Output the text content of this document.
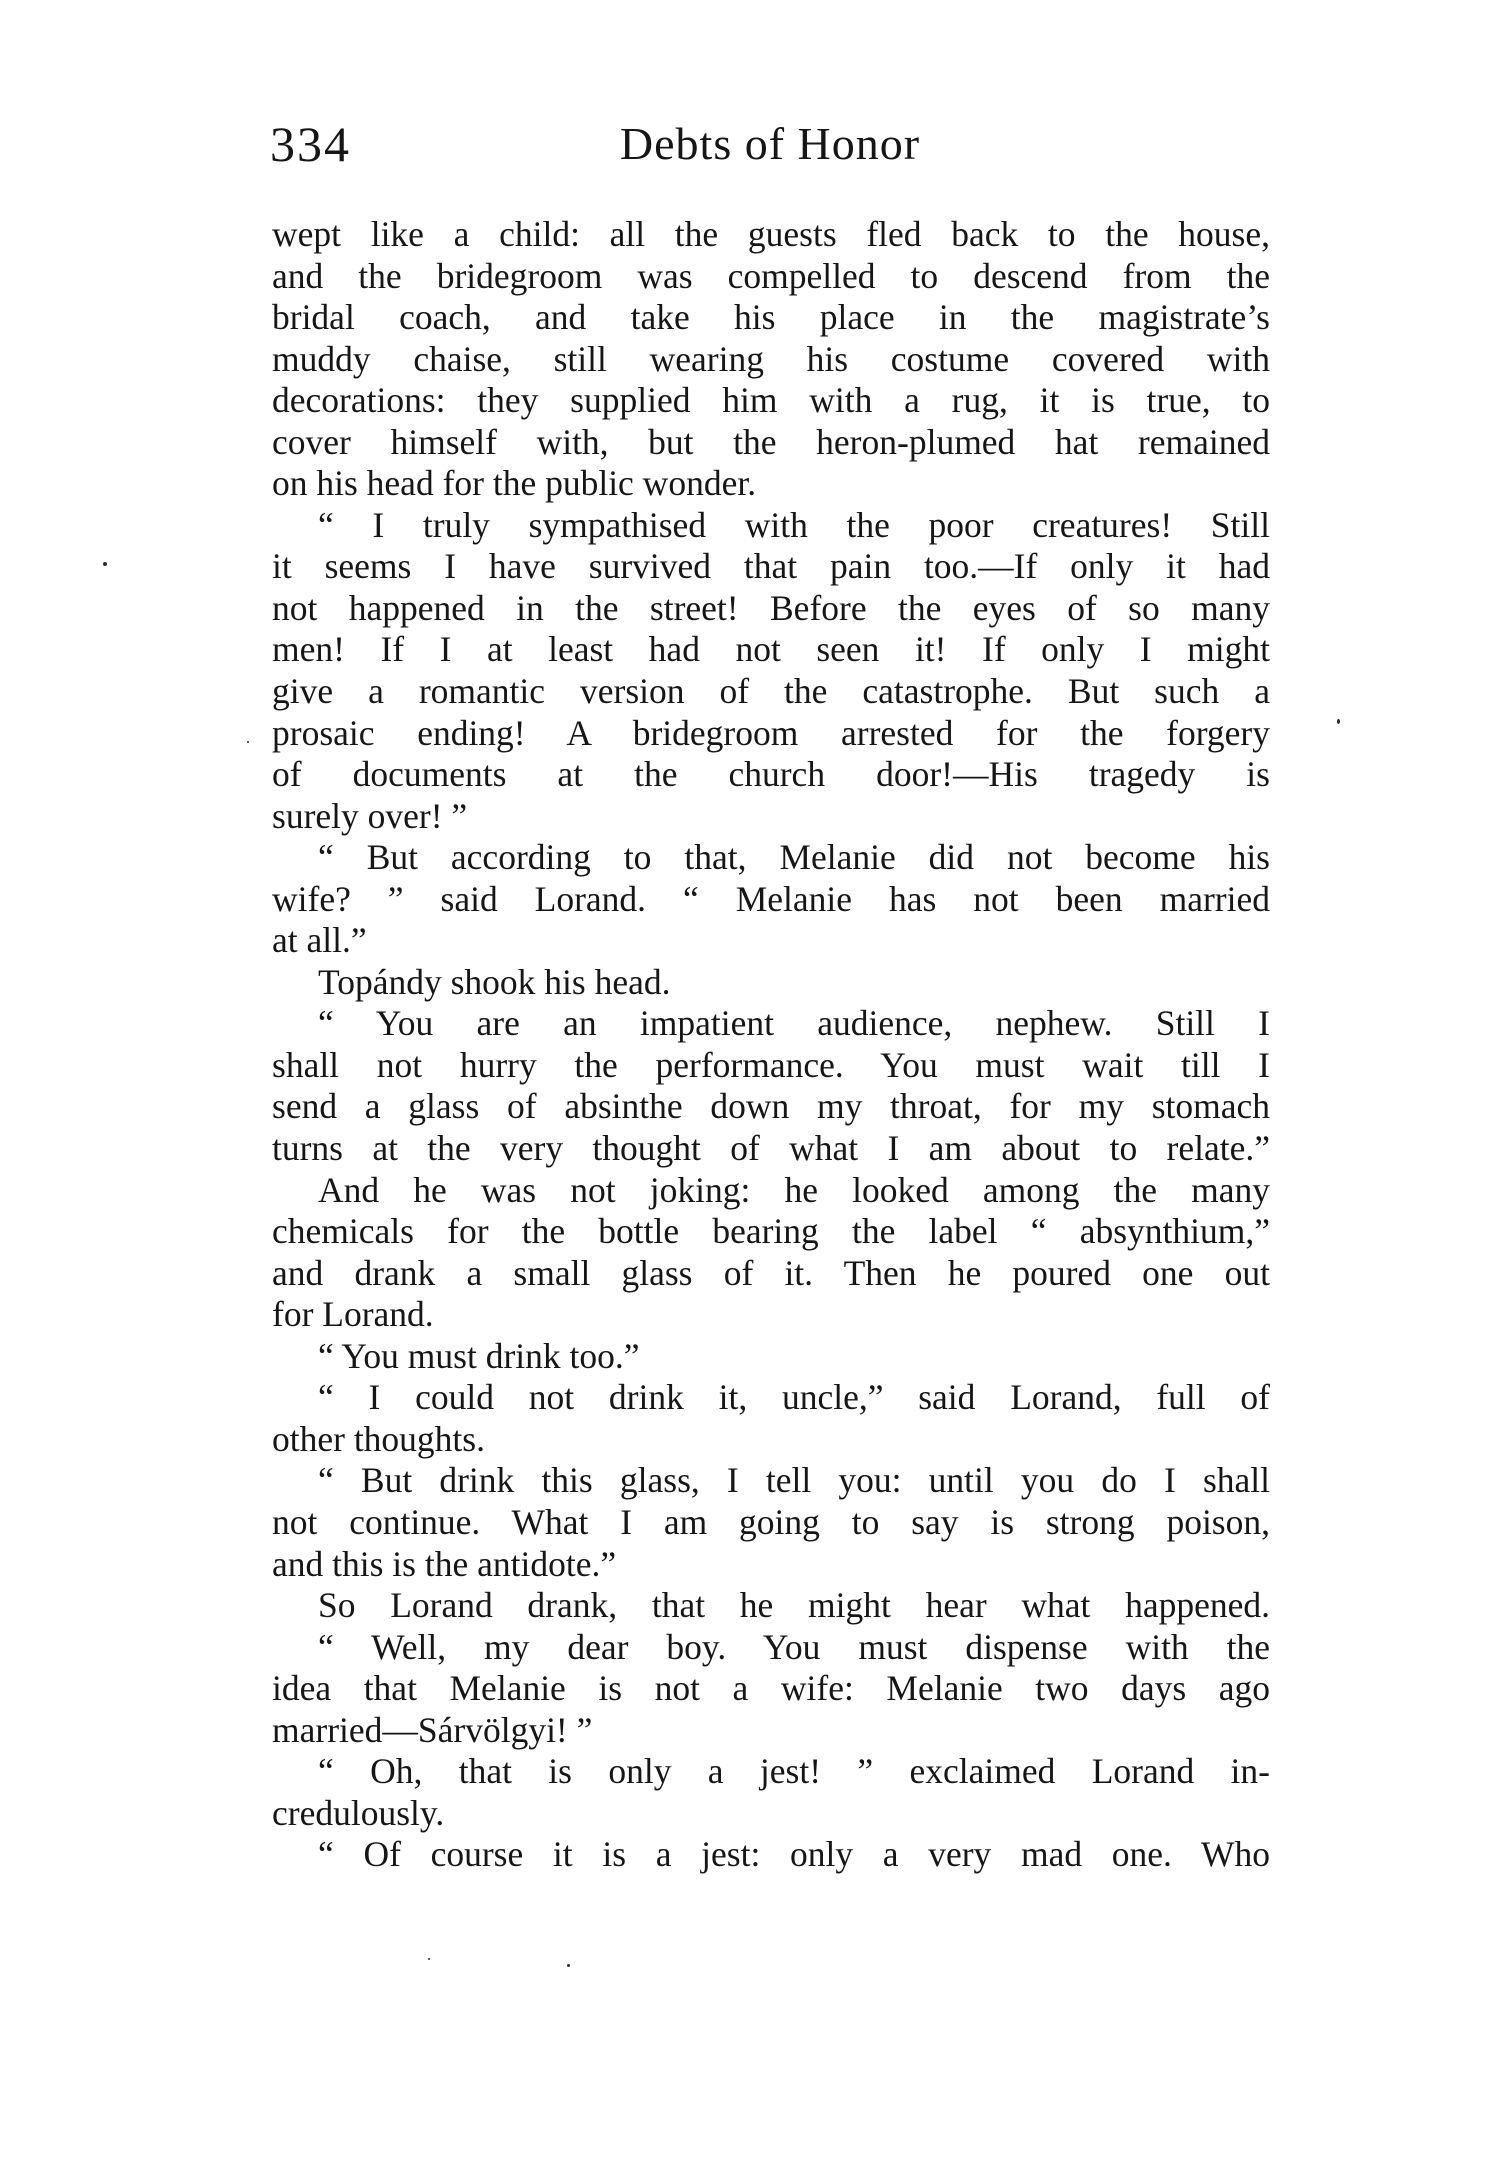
334	Debts of Honor
wept like a child: all the guests fled back to the house,
and the bridegroom was compelled to descend from the
bridal coach, and take his place in the magistrate’s
muddy chaise, still wearing his costume covered with
decorations: they supplied him with a rug, it is true, to
cover himself with, but the heron-plumed hat remained
on his head for the public wonder.
“ I truly sympathised with the poor creatures! Still
it seems I have survived that pain too.—If only it had
not happened in the street! Before the eyes of so many
men! If I at least had not seen it! If only I might
give a romantic version of the catastrophe. But such a
prosaic ending! A bridegroom arrested for the forgery
of documents at the church door!—His tragedy is
surely over! ”
“ But according to that, Melanie did not become his
wife? ” said Lorand. “ Melanie has not been married
at all.”
Topándy shook his head.
“ You are an impatient audience, nephew. Still I
shall not hurry the performance. You must wait till I
send a glass of absinthe down my throat, for my stomach
turns at the very thought of what I am about to relate.”
And he was not joking: he looked among the many
chemicals for the bottle bearing the label “ absynthium,”
and drank a small glass of it. Then he poured one out
for Lorand.
“ You must drink too.”
“ I could not drink it, uncle,” said Lorand, full of
other thoughts.
“ But drink this glass, I tell you: until you do I shall
not continue. What I am going to say is strong poison,
and this is the antidote.”
So Lorand drank, that he might hear what happened.
“ Well, my dear boy. You must dispense with the
idea that Melanie is not a wife: Melanie two days ago
married—Sárvölgyi! ”
“ Oh, that is only a jest! ” exclaimed Lorand in-
credulously.
“ Of course it is a jest: only a very mad one. Who
